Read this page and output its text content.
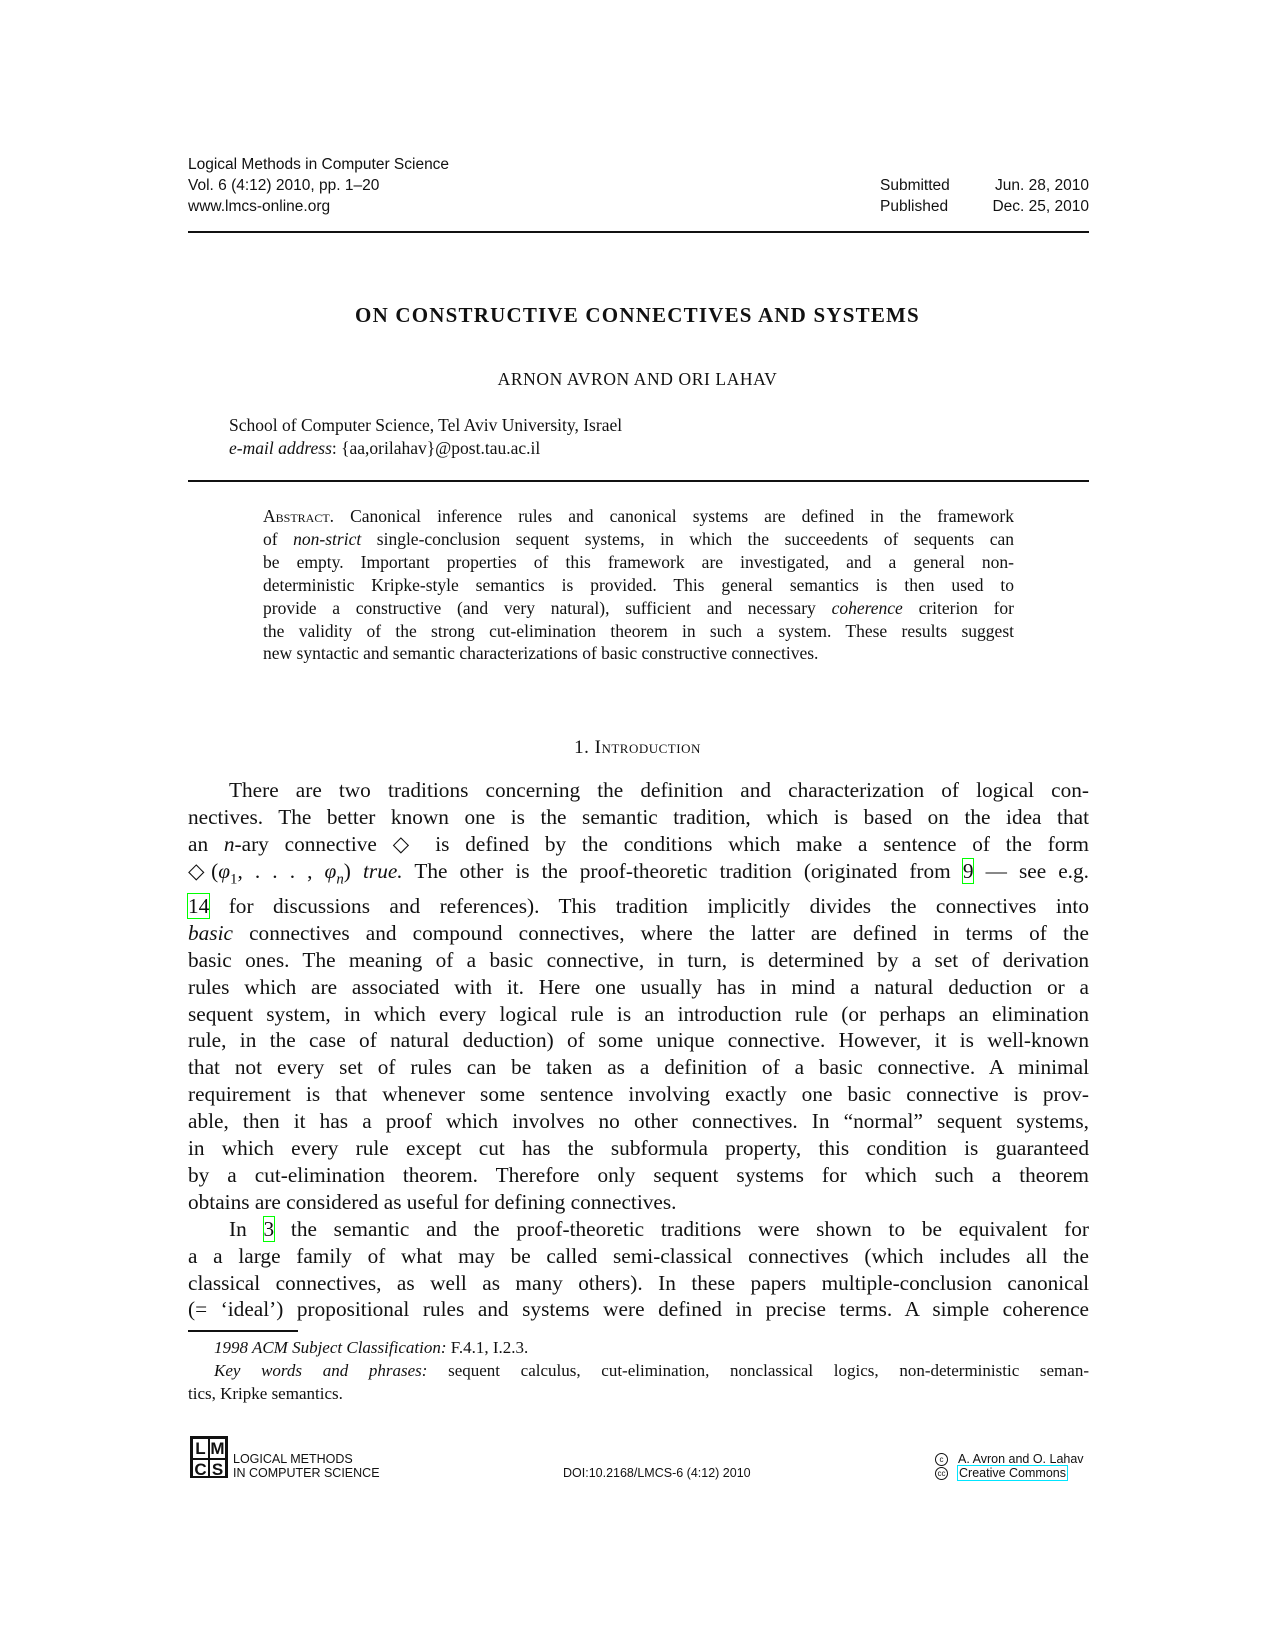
Logical Methods in Computer Science
Vol. 6 (4:12) 2010, pp. 1–20
www.lmcs-online.org
Submitted	Jun. 28, 2010
Published	Dec. 25, 2010
ON CONSTRUCTIVE CONNECTIVES AND SYSTEMS
ARNON AVRON AND ORI LAHAV
School of Computer Science, Tel Aviv University, Israel
e-mail address: {aa,orilahav}@post.tau.ac.il
Abstract. Canonical inference rules and canonical systems are defined in the framework
of non-strict single-conclusion sequent systems, in which the succeedents of sequents can
be empty. Important properties of this framework are investigated, and a general non-
deterministic Kripke-style semantics is provided. This general semantics is then used to
provide a constructive (and very natural), sufficient and necessary coherence criterion for
the validity of the strong cut-elimination theorem in such a system. These results suggest
new syntactic and semantic characterizations of basic constructive connectives.
1. Introduction
There are two traditions concerning the definition and characterization of logical con-
nectives. The better known one is the semantic tradition, which is based on the idea that
an n-ary connective ◇ is defined by the conditions which make a sentence of the form
$◇(\varphi_1$, . . . , $\varphi_n$) true. The other is the proof-theoretic tradition (originated from 9 — see e.g.
14 for discussions and references). This tradition implicitly divides the connectives into
basic connectives and compound connectives, where the latter are defined in terms of the
basic ones. The meaning of a basic connective, in turn, is determined by a set of derivation
rules which are associated with it. Here one usually has in mind a natural deduction or a
sequent system, in which every logical rule is an introduction rule (or perhaps an elimination
rule, in the case of natural deduction) of some unique connective. However, it is well-known
that not every set of rules can be taken as a definition of a basic connective. A minimal
requirement is that whenever some sentence involving exactly one basic connective is prov-
able, then it has a proof which involves no other connectives. In “normal” sequent systems,
in which every rule except cut has the subformula property, this condition is guaranteed
by a cut-elimination theorem. Therefore only sequent systems for which such a theorem
obtains are considered as useful for defining connectives.
In 3 the semantic and the proof-theoretic traditions were shown to be equivalent for
a a large family of what may be called semi-classical connectives (which includes all the
classical connectives, as well as many others). In these papers multiple-conclusion canonical
(= ‘ideal’) propositional rules and systems were defined in precise terms. A simple coherence
1998 ACM Subject Classification: F.4.1, I.2.3.
Key words and phrases: sequent calculus, cut-elimination, nonclassical logics, non-deterministic seman-
tics, Kripke semantics.
L M
C S
LOGICAL METHODS
IN COMPUTER SCIENCE	DOI:10.2168/LMCS-6 (4:12) 2010
c A. Avron and O. Lahav
cc Creative Commons
